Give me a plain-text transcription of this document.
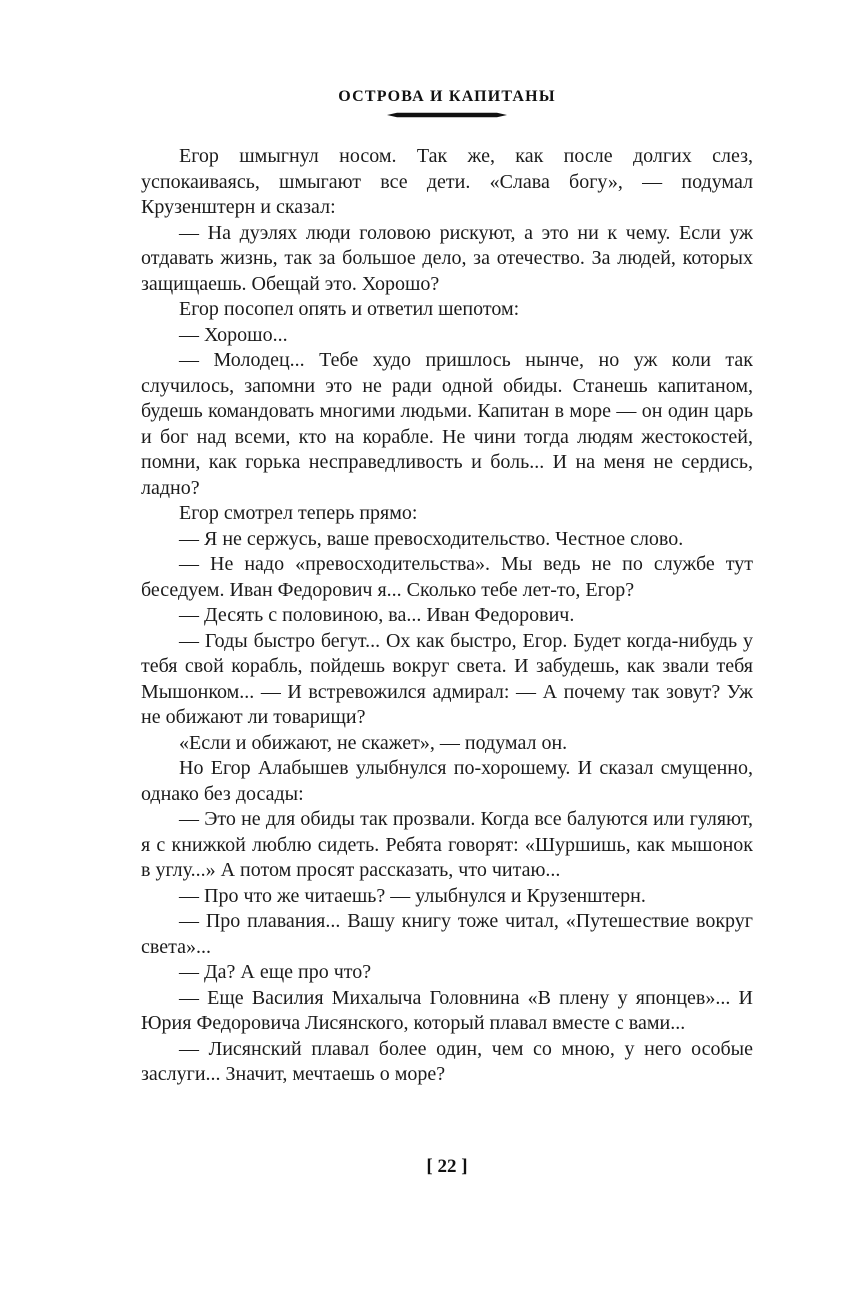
ОСТРОВА И КАПИТАНЫ

Егор шмыгнул носом. Так же, как после долгих слез, успокаиваясь, шмыгают все дети. «Слава богу», — подумал Крузенштерн и сказал:

— На дуэлях люди головою рискуют, а это ни к чему. Если уж отдавать жизнь, так за большое дело, за отечество. За людей, которых защищаешь. Обещай это. Хорошо?

Егор посопел опять и ответил шепотом:

— Хорошо...

— Молодец... Тебе худо пришлось нынче, но уж коли так случилось, запомни это не ради одной обиды. Станешь капитаном, будешь командовать многими людьми. Капитан в море — он один царь и бог над всеми, кто на корабле. Не чини тогда людям жестокостей, помни, как горька несправедливость и боль... И на меня не сердись, ладно?

Егор смотрел теперь прямо:

— Я не сержусь, ваше превосходительство. Честное слово.

— Не надо «превосходительства». Мы ведь не по службе тут беседуем. Иван Федорович я... Сколько тебе лет-то, Егор?

— Десять с половиною, ва... Иван Федорович.

— Годы быстро бегут... Ох как быстро, Егор. Будет когда-нибудь у тебя свой корабль, пойдешь вокруг света. И забудешь, как звали тебя Мышонком... — И встревожился адмирал: — А почему так зовут? Уж не обижают ли товарищи?

«Если и обижают, не скажет», — подумал он.

Но Егор Алабышев улыбнулся по-хорошему. И сказал смущенно, однако без досады:

— Это не для обиды так прозвали. Когда все балуются или гуляют, я с книжкой люблю сидеть. Ребята говорят: «Шуршишь, как мышонок в углу...» А потом просят рассказать, что читаю...

— Про что же читаешь? — улыбнулся и Крузенштерн.

— Про плавания... Вашу книгу тоже читал, «Путешествие вокруг света»...

— Да? А еще про что?

— Еще Василия Михалыча Головнина «В плену у японцев»... И Юрия Федоровича Лисянского, который плавал вместе с вами...

— Лисянский плавал более один, чем со мною, у него особые заслуги... Значит, мечтаешь о море?

[ 22 ]
